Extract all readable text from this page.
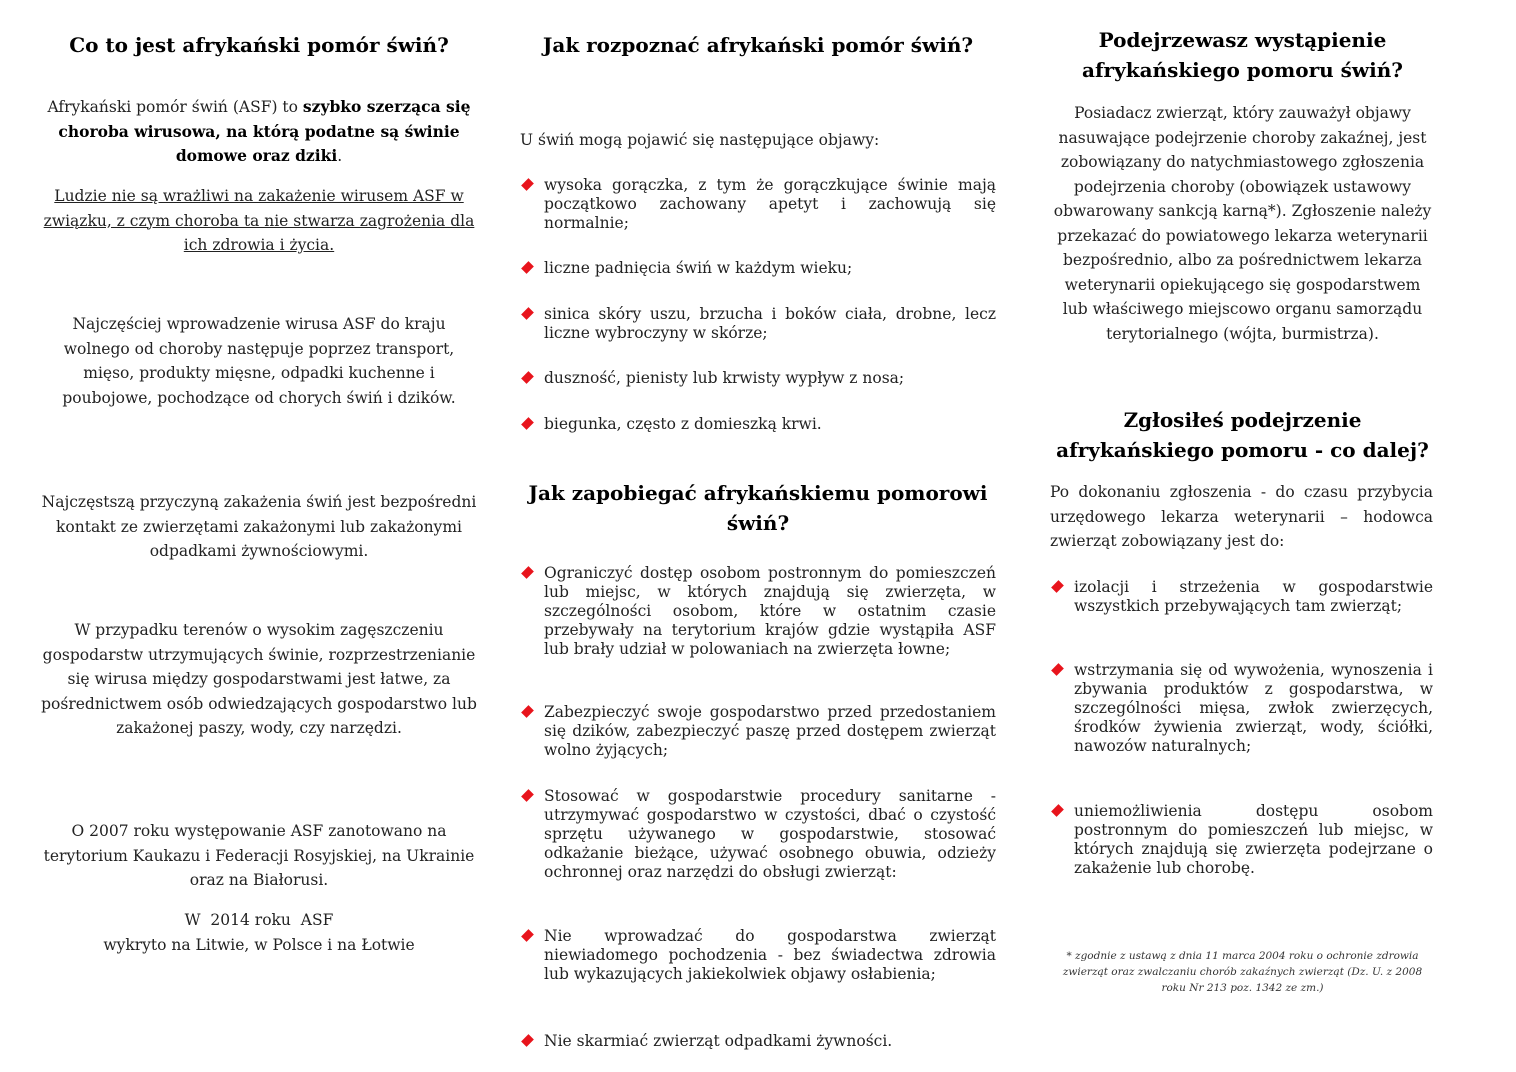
Co to jest afrykański pomór świń?

Afrykański pomór świń (ASF) to szybko szerząca się choroba wirusowa, na którą podatne są świnie domowe oraz dziki.

Ludzie nie są wrażliwi na zakażenie wirusem ASF w związku, z czym choroba ta nie stwarza zagrożenia dla ich zdrowia i życia.

Najczęściej wprowadzenie wirusa ASF do kraju wolnego od choroby następuje poprzez transport, mięso, produkty mięsne, odpadki kuchenne i poubojowe, pochodzące od chorych świń i dzików.

Najczęstszą przyczyną zakażenia świń jest bezpośredni kontakt ze zwierzętami zakażonymi lub zakażonymi odpadkami żywnościowymi.

W przypadku terenów o wysokim zagęszczeniu gospodarstw utrzymujących świnie, rozprzestrzenianie się wirusa między gospodarstwami jest łatwe, za pośrednictwem osób odwiedzających gospodarstwo lub zakażonej paszy, wody, czy narzędzi.

O 2007 roku występowanie ASF zanotowano na terytorium Kaukazu i Federacji Rosyjskiej, na Ukrainie oraz na Białorusi.

W  2014 roku  ASF
wykryto na Litwie, w Polsce i na Łotwie

Jak rozpoznać afrykański pomór świń?

U świń mogą pojawić się następujące objawy:

wysoka gorączka, z tym że gorączkujące świnie mają początkowo zachowany apetyt i zachowują się normalnie;
liczne padnięcia świń w każdym wieku;
sinica skóry uszu, brzucha i boków ciała, drobne, lecz liczne wybroczyny w skórze;
duszność, pienisty lub krwisty wypływ z nosa;
biegunka, często z domieszką krwi.
Jak zapobiegać afrykańskiemu pomorowi świń?
Ograniczyć dostęp osobom postronnym do pomieszczeń lub miejsc, w których znajdują się zwierzęta, w szczególności osobom, które w ostatnim czasie przebywały na terytorium krajów gdzie wystąpiła ASF lub brały udział w polowaniach na zwierzęta łowne;
Zabezpieczyć swoje gospodarstwo przed przedostaniem się dzików, zabezpieczyć paszę przed dostępem zwierząt wolno żyjących;
Stosować w gospodarstwie procedury sanitarne - utrzymywać gospodarstwo w czystości, dbać o czystość sprzętu używanego w gospodarstwie, stosować odkażanie bieżące, używać osobnego obuwia, odzieży ochronnej oraz narzędzi do obsługi zwierząt:
Nie wprowadzać do gospodarstwa zwierząt niewiadomego pochodzenia - bez świadectwa zdrowia lub wykazujących jakiekolwiek objawy osłabienia;
Nie skarmiać zwierząt odpadkami żywności.
Podejrzewasz wystąpienie afrykańskiego pomoru świń?

Posiadacz zwierząt, który zauważył objawy nasuwające podejrzenie choroby zakaźnej, jest zobowiązany do natychmiastowego zgłoszenia podejrzenia choroby (obowiązek ustawowy obwarowany sankcją karną*). Zgłoszenie należy przekazać do powiatowego lekarza weterynarii bezpośrednio, albo za pośrednictwem lekarza weterynarii opiekującego się gospodarstwem lub właściwego miejscowo organu samorządu terytorialnego (wójta, burmistrza).

Zgłosiłeś podejrzenie afrykańskiego pomoru - co dalej?

Po dokonaniu zgłoszenia - do czasu przybycia urzędowego lekarza weterynarii – hodowca zwierząt zobowiązany jest do:

izolacji i strzeżenia w gospodarstwie wszystkich przebywających tam zwierząt;
wstrzymania się od wywożenia, wynoszenia i zbywania produktów z gospodarstwa, w szczególności mięsa, zwłok zwierzęcych, środków żywienia zwierząt, wody, ściółki, nawozów naturalnych;
uniemożliwienia dostępu osobom postronnym do pomieszczeń lub miejsc, w których znajdują się zwierzęta podejrzane o zakażenie lub chorobę.

* zgodnie z ustawą z dnia 11 marca 2004 roku o ochronie zdrowia zwierząt oraz zwalczaniu chorób zakaźnych zwierząt (Dz. U. z 2008 roku Nr 213 poz. 1342 ze zm.)
